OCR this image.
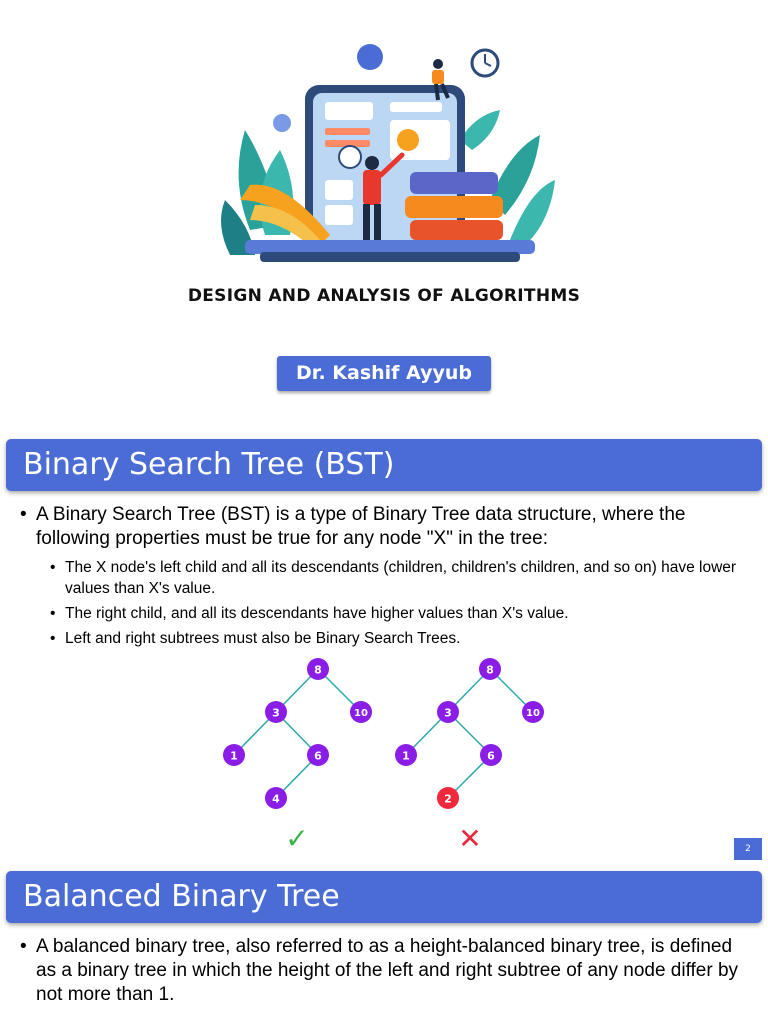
DESIGN AND ANALYSIS OF ALGORITHMS
Dr. Kashif Ayyub
Binary Search Tree (BST)
• A Binary Search Tree (BST) is a type of Binary Tree data structure, where the following properties must be true for any node "X" in the tree:
• The X node's left child and all its descendants (children, children's children, and so on) have lower values than X's value.
• The right child, and all its descendants have higher values than X's value.
• Left and right subtrees must also be Binary Search Trees.
8
3	10
1	6
4
✓
8
3	10
1	6
2
✕	2
Balanced Binary Tree
• A balanced binary tree, also referred to as a height-balanced binary tree, is defined as a binary tree in which the height of the left and right subtree of any node differ by not more than 1.
